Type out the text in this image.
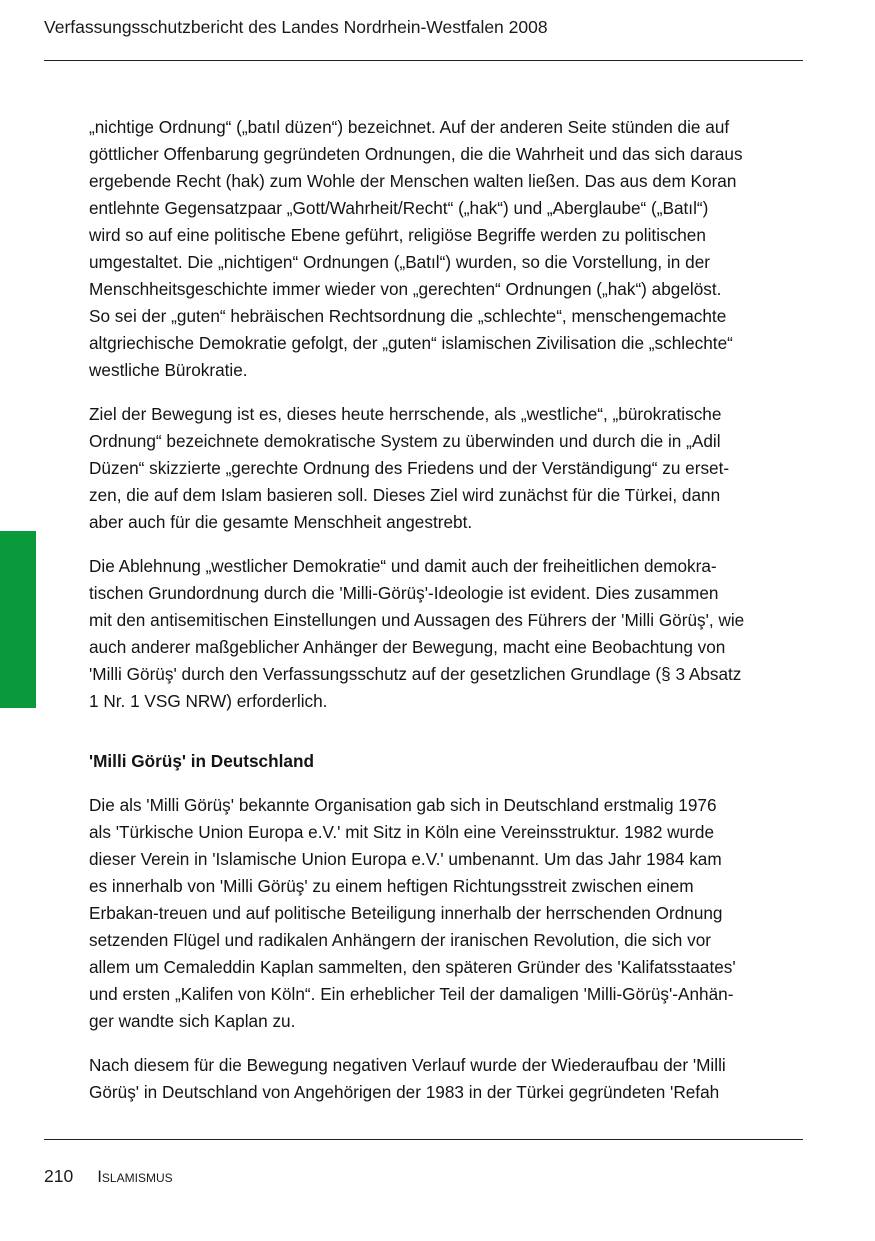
Verfassungsschutzbericht des Landes Nordrhein-Westfalen 2008
„nichtige Ordnung“ („batıl düzen“) bezeichnet. Auf der anderen Seite stünden die auf
göttlicher Offenbarung gegründeten Ordnungen, die die Wahrheit und das sich daraus
ergebende Recht (hak) zum Wohle der Menschen walten ließen. Das aus dem Koran
entlehnte Gegensatzpaar „Gott/Wahrheit/Recht“ („hak“) und „Aberglaube“ („Batıl“)
wird so auf eine politische Ebene geführt, religiöse Begriffe werden zu politischen
umgestaltet. Die „nichtigen“ Ordnungen („Batıl“) wurden, so die Vorstellung, in der
Menschheitsgeschichte immer wieder von „gerechten“ Ordnungen („hak“) abgelöst.
So sei der „guten“ hebräischen Rechtsordnung die „schlechte“, menschengemachte
altgriechische Demokratie gefolgt, der „guten“ islamischen Zivilisation die „schlechte“
westliche Bürokratie.
Ziel der Bewegung ist es, dieses heute herrschende, als „westliche“, „bürokratische
Ordnung“ bezeichnete demokratische System zu überwinden und durch die in „Adil
Düzen“ skizzierte „gerechte Ordnung des Friedens und der Verständigung“ zu erset-
zen, die auf dem Islam basieren soll. Dieses Ziel wird zunächst für die Türkei, dann
aber auch für die gesamte Menschheit angestrebt.
Die Ablehnung „westlicher Demokratie“ und damit auch der freiheitlichen demokra-
tischen Grundordnung durch die 'Milli-Görüş'-Ideologie ist evident. Dies zusammen
mit den antisemitischen Einstellungen und Aussagen des Führers der 'Milli Görüş', wie
auch anderer maßgeblicher Anhänger der Bewegung, macht eine Beobachtung von
'Milli Görüş' durch den Verfassungsschutz auf der gesetzlichen Grundlage (§ 3 Absatz
1 Nr. 1 VSG NRW) erforderlich.
'Milli Görüş' in Deutschland
Die als 'Milli Görüş' bekannte Organisation gab sich in Deutschland erstmalig 1976
als 'Türkische Union Europa e.V.' mit Sitz in Köln eine Vereinsstruktur. 1982 wurde
dieser Verein in 'Islamische Union Europa e.V.' umbenannt. Um das Jahr 1984 kam
es innerhalb von 'Milli Görüş' zu einem heftigen Richtungsstreit zwischen einem
Erbakan-treuen und auf politische Beteiligung innerhalb der herrschenden Ordnung
setzenden Flügel und radikalen Anhängern der iranischen Revolution, die sich vor
allem um Cemaleddin Kaplan sammelten, den späteren Gründer des 'Kalifatsstaates'
und ersten „Kalifen von Köln“. Ein erheblicher Teil der damaligen 'Milli-Görüş'-Anhän-
ger wandte sich Kaplan zu.
Nach diesem für die Bewegung negativen Verlauf wurde der Wiederaufbau der 'Milli
Görüş' in Deutschland von Angehörigen der 1983 in der Türkei gegründeten 'Refah
210 Islamismus
